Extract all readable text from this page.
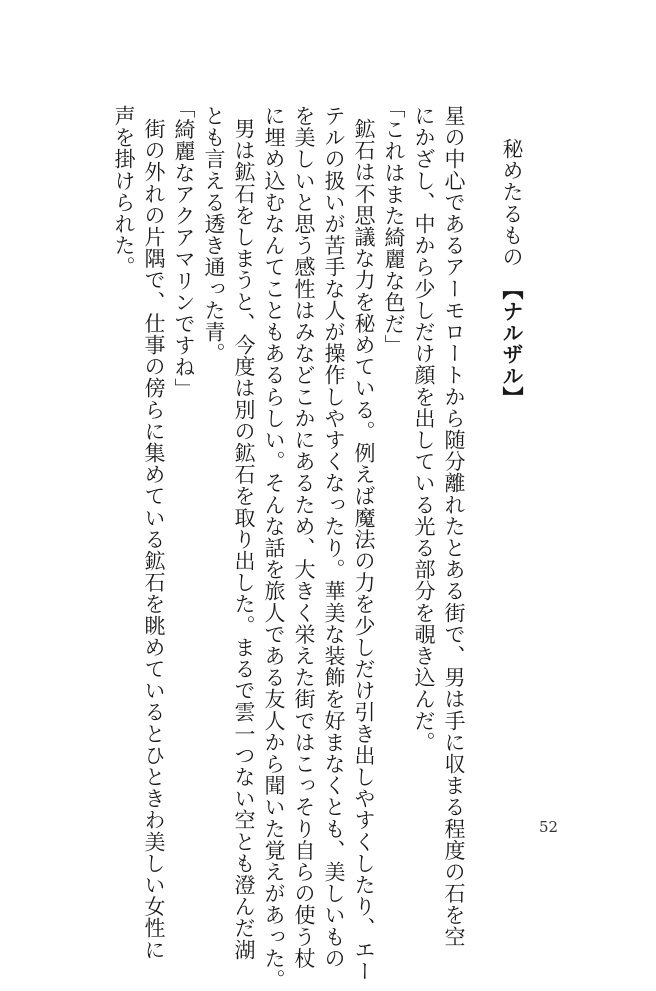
秘めたるもの　【ナルザル】

星の中心であるアーモロートから随分離れたとある街で、男は手に収まる程度の石を空

にかざし、中から少しだけ顔を出している光る部分を覗き込んだ。

「これはまた綺麗な色だ」

鉱石は不思議な力を秘めている。例えば魔法の力を少しだけ引き出しやすくしたり、エー

テルの扱いが苦手な人が操作しやすくなったり。華美な装飾を好まなくとも、美しいもの

を美しいと思う感性はみなどこかにあるため、大きく栄えた街ではこっそり自らの使う杖

に埋め込むなんてこともあるらしい。そんな話を旅人である友人から聞いた覚えがあった。

男は鉱石をしまうと、今度は別の鉱石を取り出した。まるで雲一つない空とも澄んだ湖

とも言える透き通った青。

「綺麗なアクアマリンですね」

街の外れの片隅で、仕事の傍らに集めている鉱石を眺めているとひときわ美しい女性に

声を掛けられた。

52
